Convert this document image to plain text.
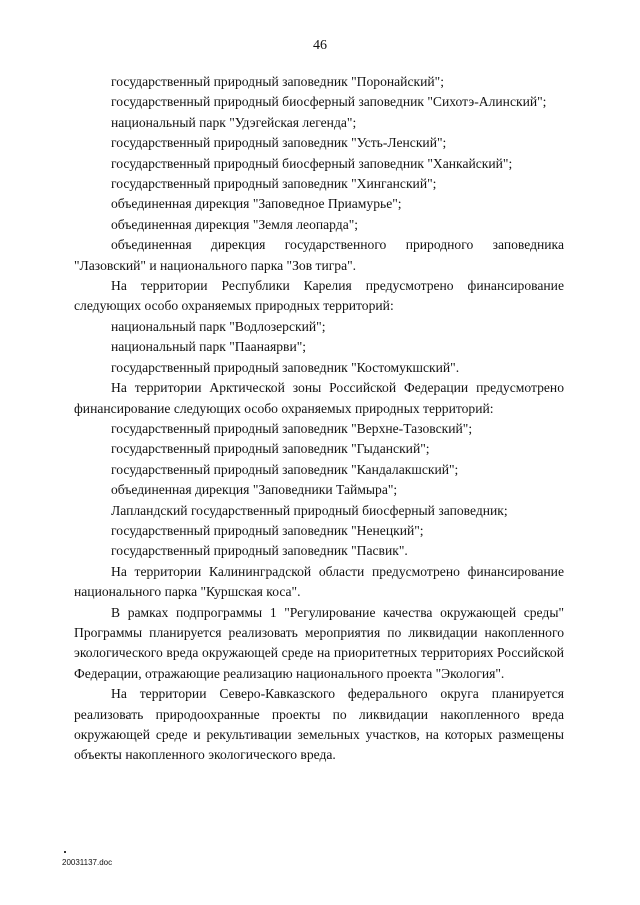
46

государственный природный заповедник "Поронайский";

государственный природный биосферный заповедник "Сихотэ-Алинский";

национальный парк "Удэгейская легенда";

государственный природный заповедник "Усть-Ленский";

государственный природный биосферный заповедник "Ханкайский";

государственный природный заповедник "Хинганский";

объединенная дирекция "Заповедное Приамурье";

объединенная дирекция "Земля леопарда";

объединенная дирекция государственного природного заповедника "Лазовский" и национального парка "Зов тигра".

На территории Республики Карелия предусмотрено финансирование следующих особо охраняемых природных территорий:

национальный парк "Водлозерский";

национальный парк "Паанаярви";

государственный природный заповедник "Костомукшский".

На территории Арктической зоны Российской Федерации предусмотрено финансирование следующих особо охраняемых природных территорий:

государственный природный заповедник "Верхне-Тазовский";

государственный природный заповедник "Гыданский";

государственный природный заповедник "Кандалакшский";

объединенная дирекция "Заповедники Таймыра";

Лапландский государственный природный биосферный заповедник;

государственный природный заповедник "Ненецкий";

государственный природный заповедник "Пасвик".

На территории Калининградской области предусмотрено финансирование национального парка "Куршская коса".

В рамках подпрограммы 1 "Регулирование качества окружающей среды" Программы планируется реализовать мероприятия по ликвидации накопленного экологического вреда окружающей среде на приоритетных территориях Российской Федерации, отражающие реализацию национального проекта "Экология".

На территории Северо-Кавказского федерального округа планируется реализовать природоохранные проекты по ликвидации накопленного вреда окружающей среде и рекультивации земельных участков, на которых размещены объекты накопленного экологического вреда.

20031137.doc
